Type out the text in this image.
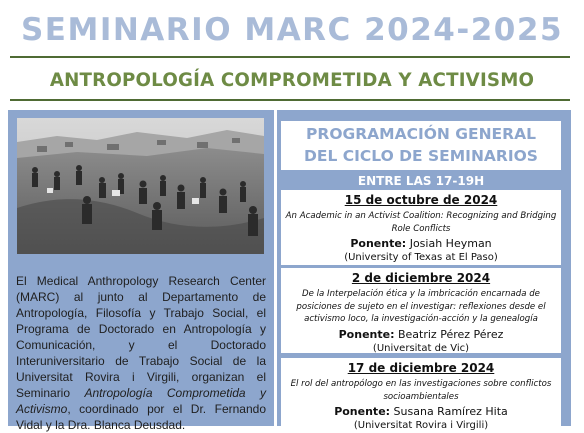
SEMINARIO MARC 2024-2025
ANTROPOLOGÍA COMPROMETIDA Y ACTIVISMO

El Medical Anthropology Research Center (MARC) al junto al Departamento de Antropología, Filosofía y Trabajo Social, el Programa de Doctorado en Antropología y Comunicación, y el Doctorado Interuniversitario de Trabajo Social de la Universitat Rovira i Virgili, organizan el Seminario Antropología Comprometida y Activismo, coordinado por el Dr. Fernando Vidal y la Dra. Blanca Deusdad.

PROGRAMACIÓN GENERAL
DEL CICLO DE SEMINARIOS
ENTRE LAS 17-19H
15 de octubre de 2024
An Academic in an Activist Coalition: Recognizing and Bridging Role Conflicts
Ponente: Josiah Heyman
(University of Texas at El Paso)
2 de diciembre 2024
De la Interpelación ética y la imbricación encarnada de posiciones de sujeto en el investigar: reflexiones desde el activismo loco, la investigación-acción y la genealogía
Ponente: Beatriz Pérez Pérez
(Universitat de Vic)
17 de diciembre 2024
El rol del antropólogo en las investigaciones sobre conflictos socioambientales
Ponente: Susana Ramírez Hita
(Universitat Rovira i Virgili)
